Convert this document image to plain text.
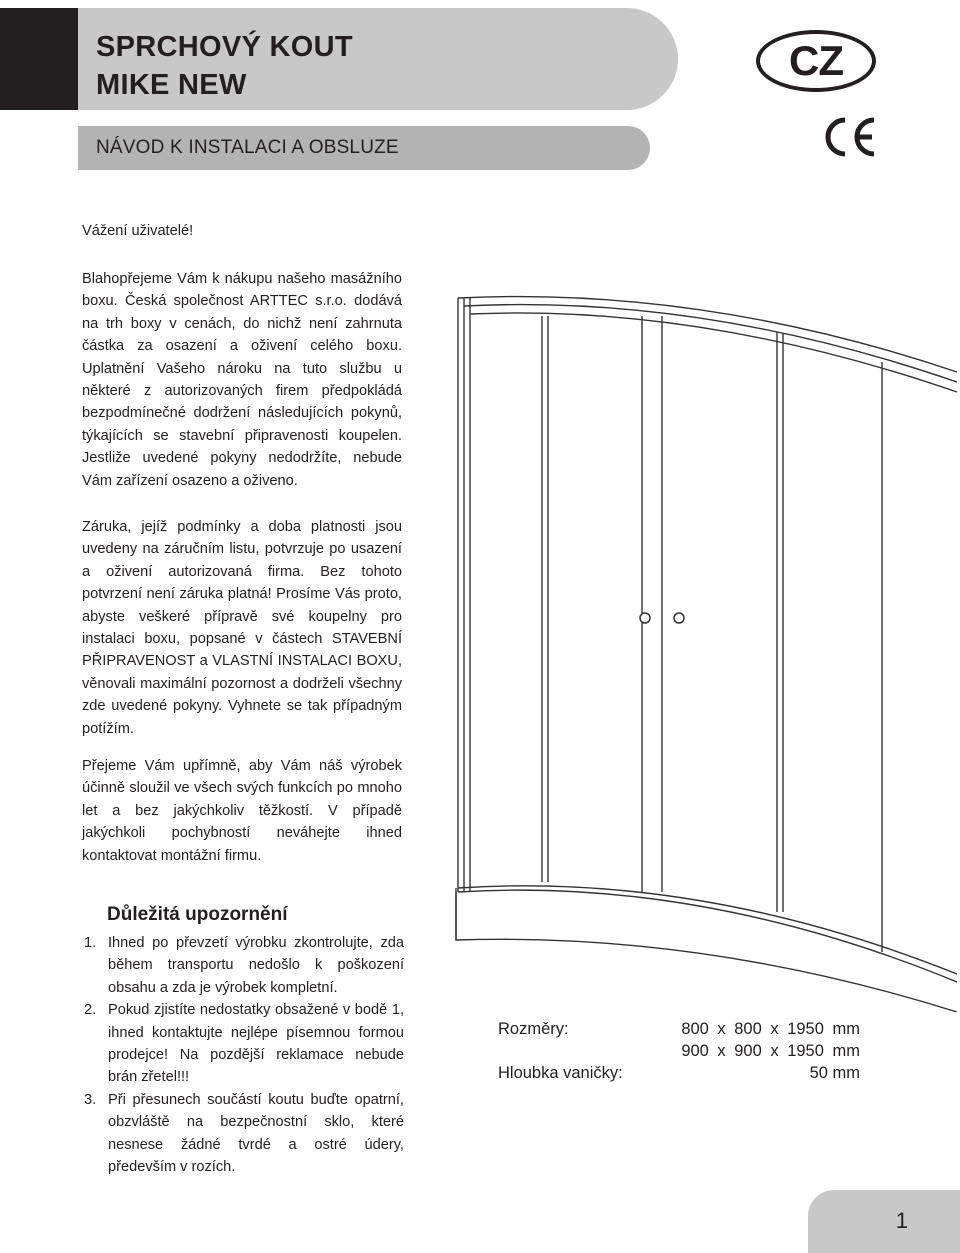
SPRCHOVÝ KOUT
MIKE NEW
NÁVOD K INSTALACI A OBSLUZE
CZ
Vážení uživatelé!
Blahopřejeme Vám k nákupu našeho masážního boxu. Česká společnost ARTTEC s.r.o. dodává na trh boxy v cenách, do nichž není zahrnuta částka za osazení a oživení celého boxu. Uplatnění Vašeho nároku na tuto službu u některé z autorizovaných firem předpokládá bezpodmínečné dodržení následujících pokynů, týkajících se stavební připravenosti koupelen. Jestliže uvedené pokyny nedodržíte, nebude Vám zařízení osazeno a oživeno.
Záruka, jejíž podmínky a doba platnosti jsou uvedeny na záručním listu, potvrzuje po usazení a oživení autorizovaná firma. Bez tohoto potvrzení není záruka platná! Prosíme Vás proto, abyste veškeré přípravě své koupelny pro instalaci boxu, popsané v částech STAVEBNÍ PŘIPRAVENOST a VLASTNÍ INSTALACI BOXU, věnovali maximální pozornost a dodrželi všechny zde uvedené pokyny. Vyhnete se tak případným potížím.
Přejeme Vám upřímně, aby Vám náš výrobek účinně sloužil ve všech svých funkcích po mnoho let a bez jakýchkoliv těžkostí. V případě jakýchkoli pochybností neváhejte ihned kontaktovat montážní firmu.
Důležitá upozornění
1. Ihned po převzetí výrobku zkontrolujte, zda během transportu nedošlo k poškození obsahu a zda je výrobek kompletní.
2. Pokud zjistíte nedostatky obsažené v bodě 1, ihned kontaktujte nejlépe písemnou formou prodejce! Na pozdější reklamace nebude brán zřetel!!!
3. Při přesunech součástí koutu buďte opatrní, obzvláště na bezpečnostní sklo, které nesnese žádné tvrdé a ostré údery, především v rozích.
Rozměry:	800 x 800 x 1950 mm
900 x 900 x 1950 mm
Hloubka vaničky:	50 mm
1
